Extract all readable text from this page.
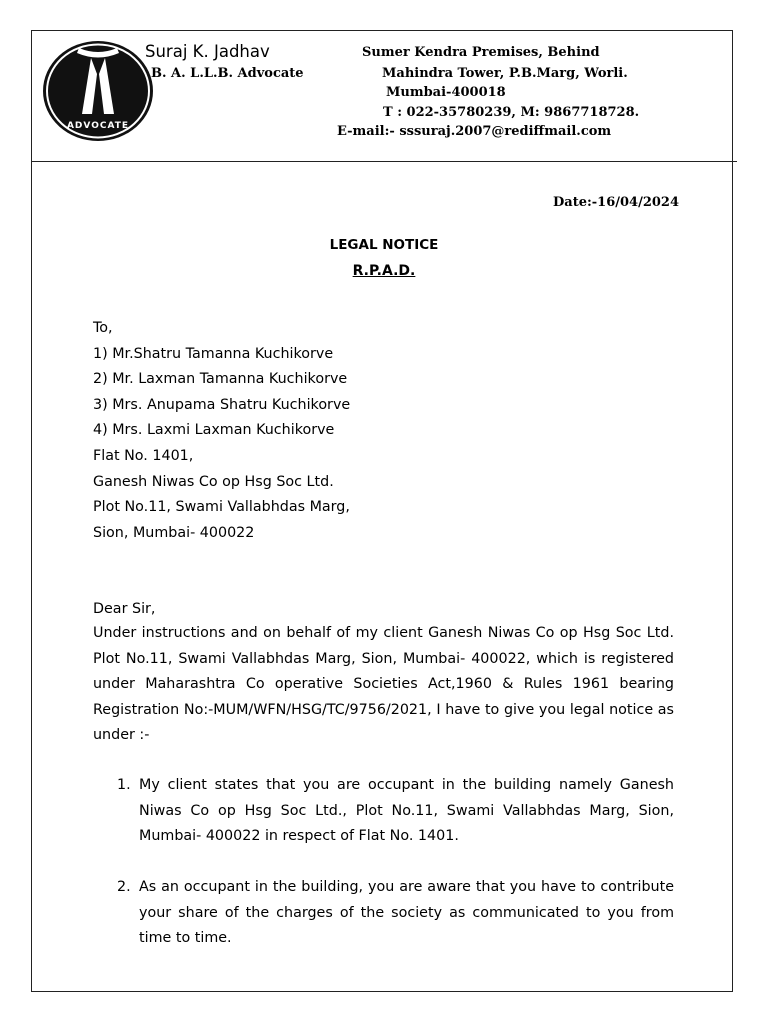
ADVOCATE
Suraj K. Jadhav
B. A. L.L.B. Advocate
Sumer Kendra Premises, Behind
Mahindra Tower, P.B.Marg, Worli.
Mumbai-400018
T : 022-35780239, M: 9867718728.
E-mail:- sssuraj.2007@rediffmail.com
Date:-16/04/2024
LEGAL NOTICE
R.P.A.D.
To,
1) Mr.Shatru Tamanna Kuchikorve
2) Mr. Laxman Tamanna Kuchikorve
3) Mrs. Anupama Shatru Kuchikorve
4) Mrs. Laxmi Laxman Kuchikorve
Flat No. 1401,
Ganesh Niwas Co op Hsg Soc Ltd.
Plot No.11, Swami Vallabhdas Marg,
Sion, Mumbai- 400022
Dear Sir,
Under instructions and on behalf of my client Ganesh Niwas Co op Hsg Soc Ltd. Plot No.11, Swami Vallabhdas Marg, Sion, Mumbai- 400022, which is registered under Maharashtra Co operative Societies Act,1960 & Rules 1961 bearing Registration No:-MUM/WFN/HSG/TC/9756/2021, I have to give you legal notice as under :-
1. My client states that you are occupant in the building namely Ganesh Niwas Co op Hsg Soc Ltd., Plot No.11, Swami Vallabhdas Marg, Sion, Mumbai- 400022 in respect of Flat No. 1401.
2. As an occupant in the building, you are aware that you have to contribute your share of the charges of the society as communicated to you from time to time.
